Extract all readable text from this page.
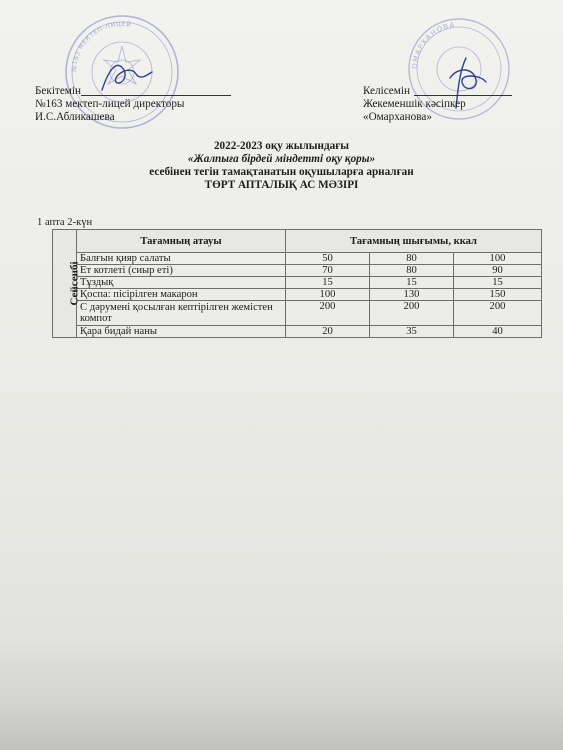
№163 МЕКТЕП-ЛИЦЕЙ
ОМАРХАНОВА
Бекітемін
№163 мектеп-лицей директоры
И.С.Абликашева
Келісемін
Жекеменшік кәсіпкер
«Омарханова»
2022-2023 оқу жылындағы
«Жалпыға бірдей міндетті оқу қоры»
есебінен тегін тамақтанатын оқушыларға арналған
ТӨРТ АПТАЛЫҚ АС МӘЗІРІ
1 апта 2-күн
Сейсенбі	Тағамның атауы	Тағамның шығымы, ккал		
	Балғын қияр салаты	50	80	100
	Ет котлеті (сиыр еті)	70	80	90
	Тұздық	15	15	15
	Қоспа: пісірілген макарон	100	130	150
	С дәрумені қосылған кептірілген жемістен компот	200	200	200
	Қара бидай наны	20	35	40
